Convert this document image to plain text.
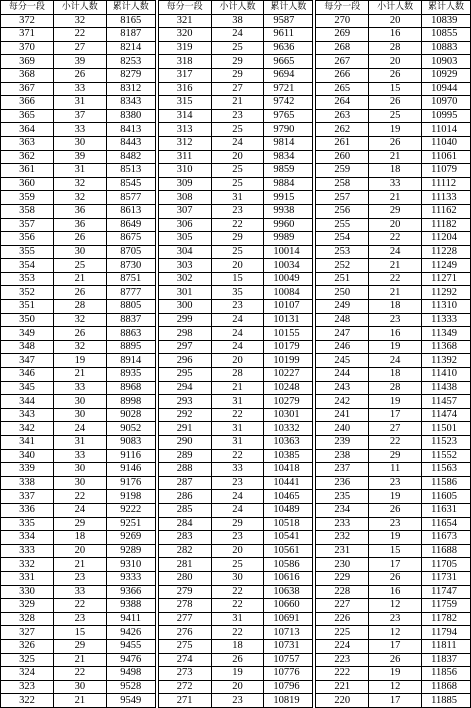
每分一段	小计人数	累计人数
372	32	8165
371	22	8187
370	27	8214
369	39	8253
368	26	8279
367	33	8312
366	31	8343
365	37	8380
364	33	8413
363	30	8443
362	39	8482
361	31	8513
360	32	8545
359	32	8577
358	36	8613
357	36	8649
356	26	8675
355	30	8705
354	25	8730
353	21	8751
352	26	8777
351	28	8805
350	32	8837
349	26	8863
348	32	8895
347	19	8914
346	21	8935
345	33	8968
344	30	8998
343	30	9028
342	24	9052
341	31	9083
340	33	9116
339	30	9146
338	30	9176
337	22	9198
336	24	9222
335	29	9251
334	18	9269
333	20	9289
332	21	9310
331	23	9333
330	33	9366
329	22	9388
328	23	9411
327	15	9426
326	29	9455
325	21	9476
324	22	9498
323	30	9528
322	21	9549
每分一段	小计人数	累计人数
321	38	9587
320	24	9611
319	25	9636
318	29	9665
317	29	9694
316	27	9721
315	21	9742
314	23	9765
313	25	9790
312	24	9814
311	20	9834
310	25	9859
309	25	9884
308	31	9915
307	23	9938
306	22	9960
305	29	9989
304	25	10014
303	20	10034
302	15	10049
301	35	10084
300	23	10107
299	24	10131
298	24	10155
297	24	10179
296	20	10199
295	28	10227
294	21	10248
293	31	10279
292	22	10301
291	31	10332
290	31	10363
289	22	10385
288	33	10418
287	23	10441
286	24	10465
285	24	10489
284	29	10518
283	23	10541
282	20	10561
281	25	10586
280	30	10616
279	22	10638
278	22	10660
277	31	10691
276	22	10713
275	18	10731
274	26	10757
273	19	10776
272	20	10796
271	23	10819
每分一段	小计人数	累计人数
270	20	10839
269	16	10855
268	28	10883
267	20	10903
266	26	10929
265	15	10944
264	26	10970
263	25	10995
262	19	11014
261	26	11040
260	21	11061
259	18	11079
258	33	11112
257	21	11133
256	29	11162
255	20	11182
254	22	11204
253	24	11228
252	21	11249
251	22	11271
250	21	11292
249	18	11310
248	23	11333
247	16	11349
246	19	11368
245	24	11392
244	18	11410
243	28	11438
242	19	11457
241	17	11474
240	27	11501
239	22	11523
238	29	11552
237	11	11563
236	23	11586
235	19	11605
234	26	11631
233	23	11654
232	19	11673
231	15	11688
230	17	11705
229	26	11731
228	16	11747
227	12	11759
226	23	11782
225	12	11794
224	17	11811
223	26	11837
222	19	11856
221	12	11868
220	17	11885
